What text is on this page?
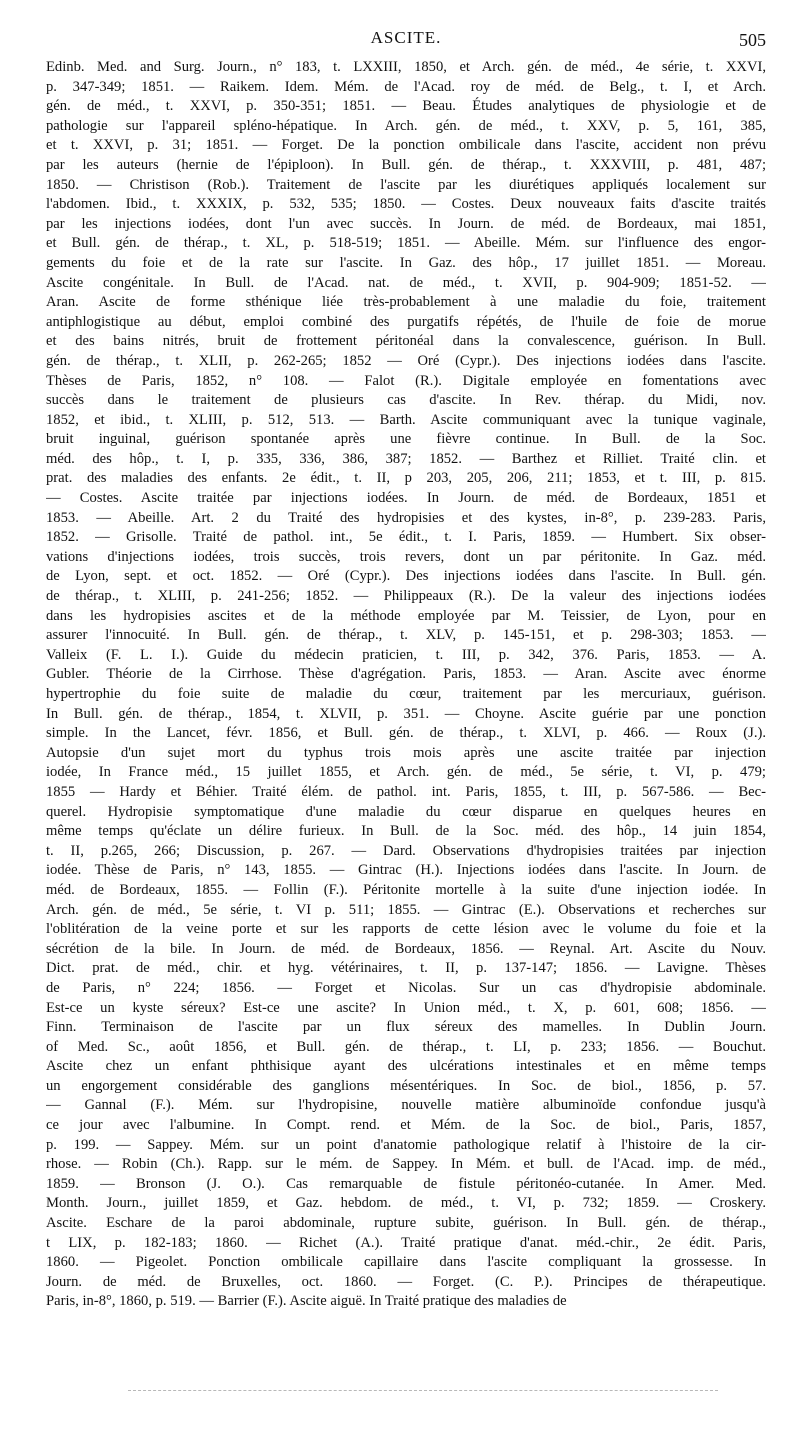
ASCITE.	505
Edinb. Med. and Surg. Journ., n° 183, t. LXXIII, 1850, et Arch. gén. de méd., 4e série, t. XXVI,
p. 347-349; 1851. — Raikem. Idem. Mém. de l'Acad. roy de méd. de Belg., t. I, et Arch.
gén. de méd., t. XXVI, p. 350-351; 1851. — Beau. Études analytiques de physiologie et de
pathologie sur l'appareil spléno-hépatique. In Arch. gén. de méd., t. XXV, p. 5, 161, 385,
et t. XXVI, p. 31; 1851. — Forget. De la ponction ombilicale dans l'ascite, accident non prévu
par les auteurs (hernie de l'épiploon). In Bull. gén. de thérap., t. XXXVIII, p. 481, 487;
1850. — Christison (Rob.). Traitement de l'ascite par les diurétiques appliqués localement sur
l'abdomen. Ibid., t. XXXIX, p. 532, 535; 1850. — Costes. Deux nouveaux faits d'ascite traités
par les injections iodées, dont l'un avec succès. In Journ. de méd. de Bordeaux, mai 1851,
et Bull. gén. de thérap., t. XL, p. 518-519; 1851. — Abeille. Mém. sur l'influence des engor-
gements du foie et de la rate sur l'ascite. In Gaz. des hôp., 17 juillet 1851. — Moreau.
Ascite congénitale. In Bull. de l'Acad. nat. de méd., t. XVII, p. 904-909; 1851-52. —
Aran. Ascite de forme sthénique liée très-probablement à une maladie du foie, traitement
antiphlogistique au début, emploi combiné des purgatifs répétés, de l'huile de foie de morue
et des bains nitrés, bruit de frottement péritonéal dans la convalescence, guérison. In Bull.
gén. de thérap., t. XLII, p. 262-265; 1852 — Oré (Cypr.). Des injections iodées dans l'ascite.
Thèses de Paris, 1852, n° 108. — Falot (R.). Digitale employée en fomentations avec
succès dans le traitement de plusieurs cas d'ascite. In Rev. thérap. du Midi, nov.
1852, et ibid., t. XLIII, p. 512, 513. — Barth. Ascite communiquant avec la tunique vaginale,
bruit inguinal, guérison spontanée après une fièvre continue. In Bull. de la Soc.
méd. des hôp., t. I, p. 335, 336, 386, 387; 1852. — Barthez et Rilliet. Traité clin. et
prat. des maladies des enfants. 2e édit., t. II, p 203, 205, 206, 211; 1853, et t. III, p. 815.
— Costes. Ascite traitée par injections iodées. In Journ. de méd. de Bordeaux, 1851 et
1853. — Abeille. Art. 2 du Traité des hydropisies et des kystes, in-8°, p. 239-283. Paris,
1852. — Grisolle. Traité de pathol. int., 5e édit., t. I. Paris, 1859. — Humbert. Six obser-
vations d'injections iodées, trois succès, trois revers, dont un par péritonite. In Gaz. méd.
de Lyon, sept. et oct. 1852. — Oré (Cypr.). Des injections iodées dans l'ascite. In Bull. gén.
de thérap., t. XLIII, p. 241-256; 1852. — Philippeaux (R.). De la valeur des injections iodées
dans les hydropisies ascites et de la méthode employée par M. Teissier, de Lyon, pour en
assurer l'innocuité. In Bull. gén. de thérap., t. XLV, p. 145-151, et p. 298-303; 1853. —
Valleix (F. L. I.). Guide du médecin praticien, t. III, p. 342, 376. Paris, 1853. — A.
Gubler. Théorie de la Cirrhose. Thèse d'agrégation. Paris, 1853. — Aran. Ascite avec énorme
hypertrophie du foie suite de maladie du cœur, traitement par les mercuriaux, guérison.
In Bull. gén. de thérap., 1854, t. XLVII, p. 351. — Choyne. Ascite guérie par une ponction
simple. In the Lancet, févr. 1856, et Bull. gén. de thérap., t. XLVI, p. 466. — Roux (J.).
Autopsie d'un sujet mort du typhus trois mois après une ascite traitée par injection
iodée, In France méd., 15 juillet 1855, et Arch. gén. de méd., 5e série, t. VI, p. 479;
1855 — Hardy et Béhier. Traité élém. de pathol. int. Paris, 1855, t. III, p. 567-586. — Bec-
querel. Hydropisie symptomatique d'une maladie du cœur disparue en quelques heures en
même temps qu'éclate un délire furieux. In Bull. de la Soc. méd. des hôp., 14 juin 1854,
t. II, p.265, 266; Discussion, p. 267. — Dard. Observations d'hydropisies traitées par injection
iodée. Thèse de Paris, n° 143, 1855. — Gintrac (H.). Injections iodées dans l'ascite. In Journ. de
méd. de Bordeaux, 1855. — Follin (F.). Péritonite mortelle à la suite d'une injection iodée. In
Arch. gén. de méd., 5e série, t. VI p. 511; 1855. — Gintrac (E.). Observations et recherches sur
l'oblitération de la veine porte et sur les rapports de cette lésion avec le volume du foie et la
sécrétion de la bile. In Journ. de méd. de Bordeaux, 1856. — Reynal. Art. Ascite du Nouv.
Dict. prat. de méd., chir. et hyg. vétérinaires, t. II, p. 137-147; 1856. — Lavigne. Thèses
de Paris, n° 224; 1856. — Forget et Nicolas. Sur un cas d'hydropisie abdominale.
Est-ce un kyste séreux? Est-ce une ascite? In Union méd., t. X, p. 601, 608; 1856. —
Finn. Terminaison de l'ascite par un flux séreux des mamelles. In Dublin Journ.
of Med. Sc., août 1856, et Bull. gén. de thérap., t. LI, p. 233; 1856. — Bouchut.
Ascite chez un enfant phthisique ayant des ulcérations intestinales et en même temps
un engorgement considérable des ganglions mésentériques. In Soc. de biol., 1856, p. 57.
— Gannal (F.). Mém. sur l'hydropisine, nouvelle matière albuminoïde confondue jusqu'à
ce jour avec l'albumine. In Compt. rend. et Mém. de la Soc. de biol., Paris, 1857,
p. 199. — Sappey. Mém. sur un point d'anatomie pathologique relatif à l'histoire de la cir-
rhose. — Robin (Ch.). Rapp. sur le mém. de Sappey. In Mém. et bull. de l'Acad. imp. de méd.,
1859. — Bronson (J. O.). Cas remarquable de fistule péritonéo-cutanée. In Amer. Med.
Month. Journ., juillet 1859, et Gaz. hebdom. de méd., t. VI, p. 732; 1859. — Croskery.
Ascite. Eschare de la paroi abdominale, rupture subite, guérison. In Bull. gén. de thérap.,
t LIX, p. 182-183; 1860. — Richet (A.). Traité pratique d'anat. méd.-chir., 2e édit. Paris,
1860. — Pigeolet. Ponction ombilicale capillaire dans l'ascite compliquant la grossesse. In
Journ. de méd. de Bruxelles, oct. 1860. — Forget. (C. P.). Principes de thérapeutique.
Paris, in-8°, 1860, p. 519. — Barrier (F.). Ascite aiguë. In Traité pratique des maladies de
